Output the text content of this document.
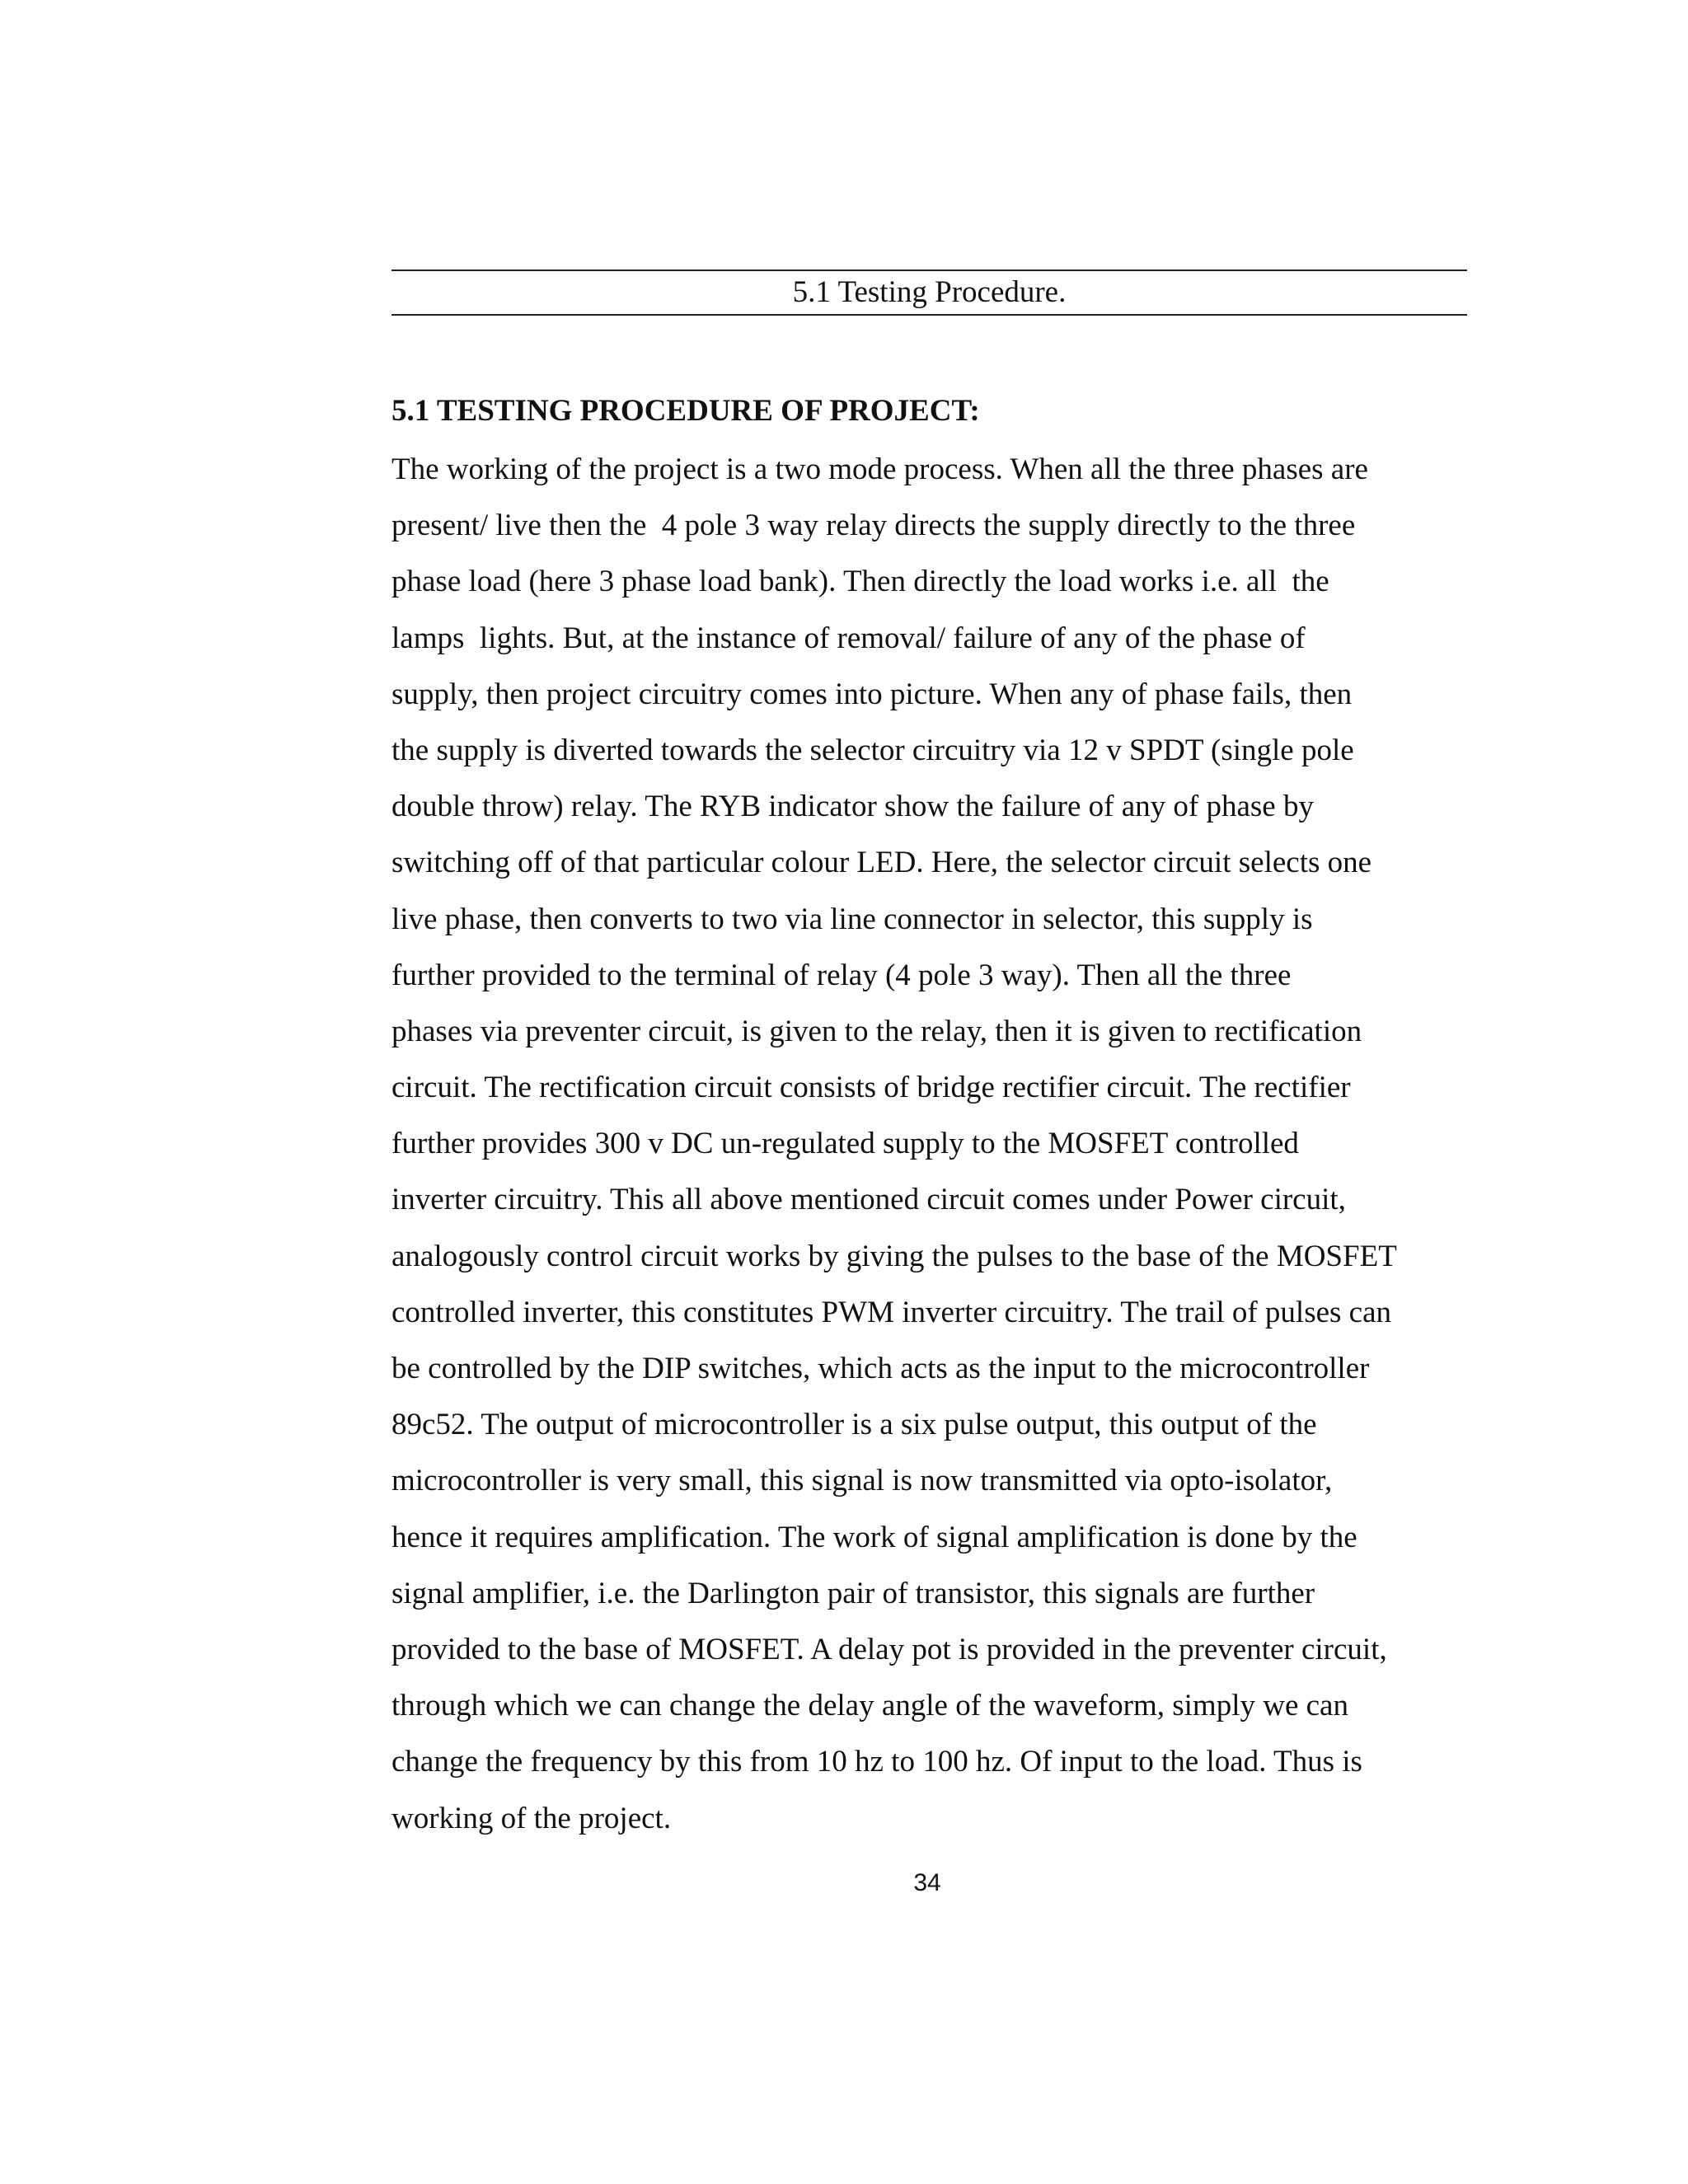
5.1 Testing Procedure.
5.1 TESTING PROCEDURE OF PROJECT:
The working of the project is a two mode process. When all the three phases are
present/ live then the  4 pole 3 way relay directs the supply directly to the three
phase load (here 3 phase load bank). Then directly the load works i.e. all  the
lamps  lights. But, at the instance of removal/ failure of any of the phase of
supply, then project circuitry comes into picture. When any of phase fails, then
the supply is diverted towards the selector circuitry via 12 v SPDT (single pole
double throw) relay. The RYB indicator show the failure of any of phase by
switching off of that particular colour LED. Here, the selector circuit selects one
live phase, then converts to two via line connector in selector, this supply is
further provided to the terminal of relay (4 pole 3 way). Then all the three
phases via preventer circuit, is given to the relay, then it is given to rectification
circuit. The rectification circuit consists of bridge rectifier circuit. The rectifier
further provides 300 v DC un-regulated supply to the MOSFET controlled
inverter circuitry. This all above mentioned circuit comes under Power circuit,
analogously control circuit works by giving the pulses to the base of the MOSFET
controlled inverter, this constitutes PWM inverter circuitry. The trail of pulses can
be controlled by the DIP switches, which acts as the input to the microcontroller
89c52. The output of microcontroller is a six pulse output, this output of the
microcontroller is very small, this signal is now transmitted via opto-isolator,
hence it requires amplification. The work of signal amplification is done by the
signal amplifier, i.e. the Darlington pair of transistor, this signals are further
provided to the base of MOSFET. A delay pot is provided in the preventer circuit,
through which we can change the delay angle of the waveform, simply we can
change the frequency by this from 10 hz to 100 hz. Of input to the load. Thus is
working of the project.
34
